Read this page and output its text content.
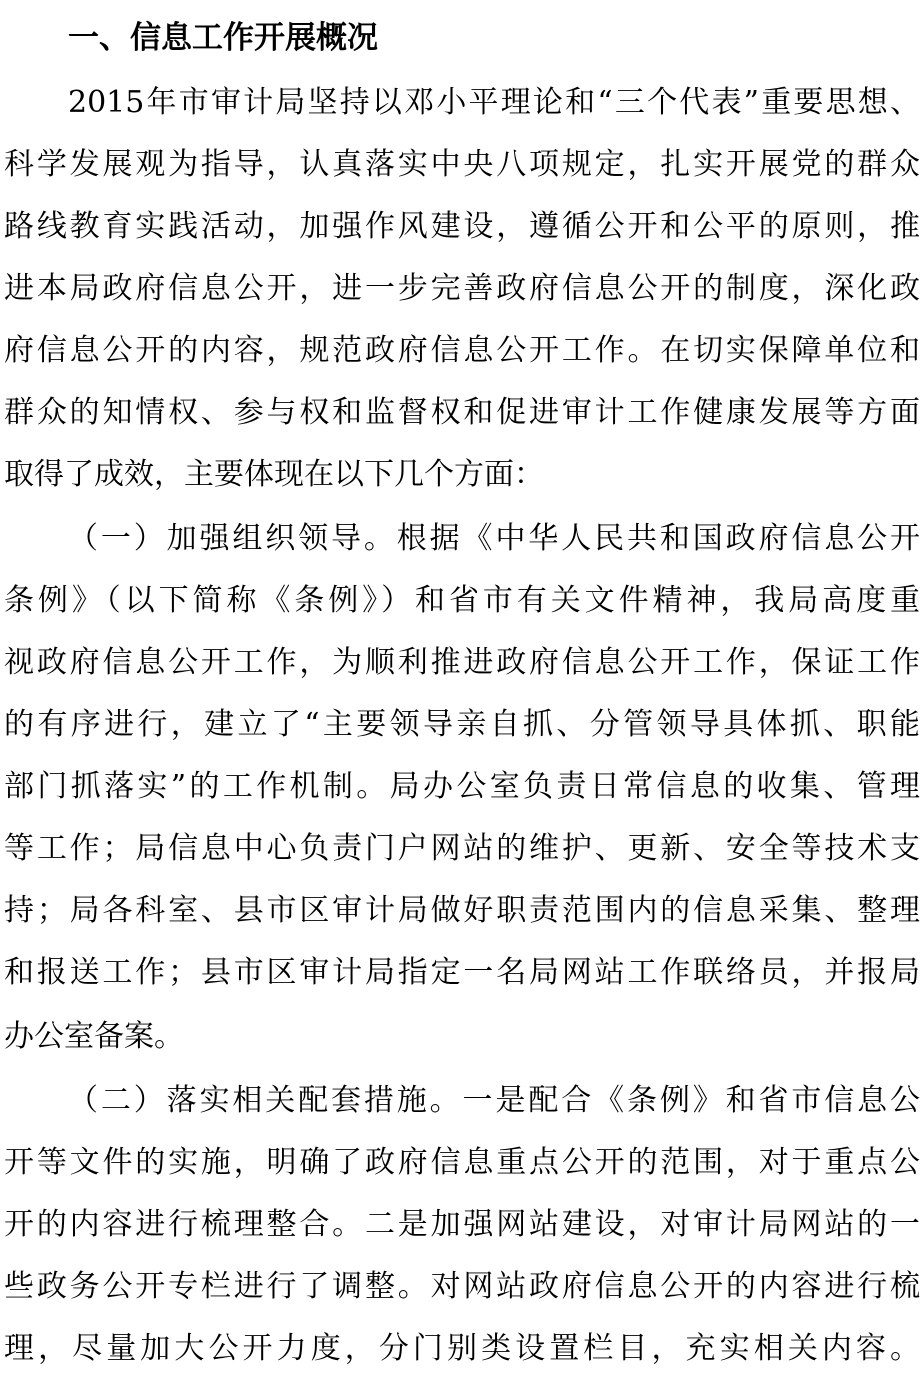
一、信息工作开展概况
2015年市审计局坚持以邓小平理论和“三个代表”重要思想、
科学发展观为指导，认真落实中央八项规定，扎实开展党的群众
路线教育实践活动，加强作风建设，遵循公开和公平的原则，推
进本局政府信息公开，进一步完善政府信息公开的制度，深化政
府信息公开的内容，规范政府信息公开工作。在切实保障单位和
群众的知情权、参与权和监督权和促进审计工作健康发展等方面
取得了成效，主要体现在以下几个方面：
（一）加强组织领导。根据《中华人民共和国政府信息公开
条例》（以下简称《条例》）和省市有关文件精神，我局高度重
视政府信息公开工作，为顺利推进政府信息公开工作，保证工作
的有序进行，建立了“主要领导亲自抓、分管领导具体抓、职能
部门抓落实”的工作机制。局办公室负责日常信息的收集、管理
等工作；局信息中心负责门户网站的维护、更新、安全等技术支
持；局各科室、县市区审计局做好职责范围内的信息采集、整理
和报送工作；县市区审计局指定一名局网站工作联络员，并报局
办公室备案。
（二）落实相关配套措施。一是配合《条例》和省市信息公
开等文件的实施，明确了政府信息重点公开的范围，对于重点公
开的内容进行梳理整合。二是加强网站建设，对审计局网站的一
些政务公开专栏进行了调整。对网站政府信息公开的内容进行梳
理，尽量加大公开力度，分门别类设置栏目，充实相关内容。
